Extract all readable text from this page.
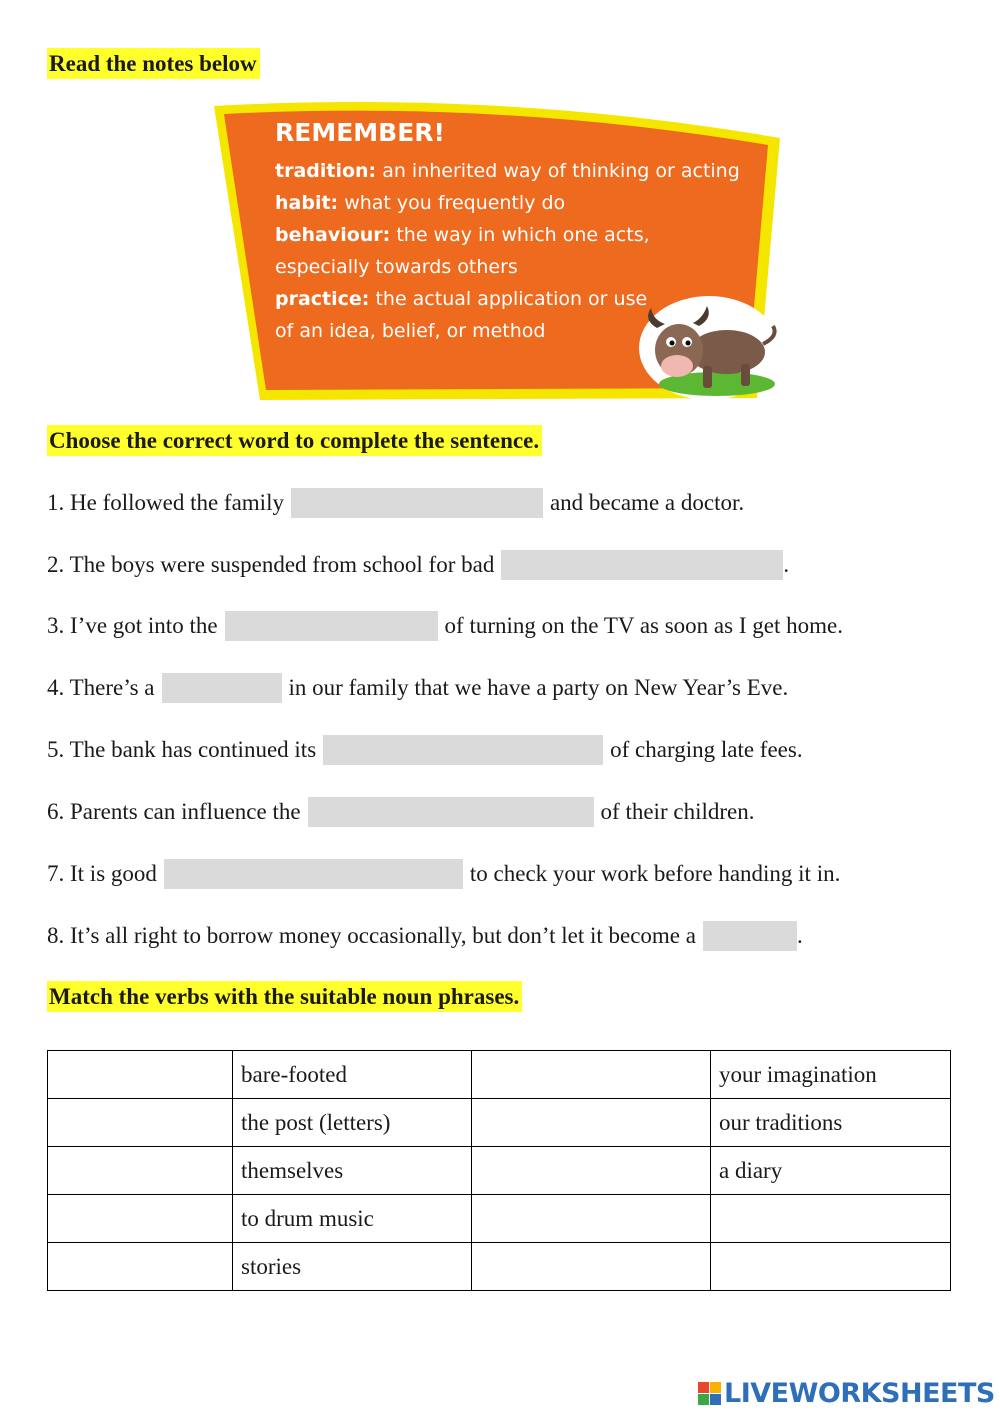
Read the notes below
REMEMBER!
tradition: an inherited way of thinking or acting
habit: what you frequently do
behaviour: the way in which one acts,
especially towards others
practice: the actual application or use
of an idea, belief, or method
Choose the correct word to complete the sentence.
1. He followed the family	and became a doctor.
2. The boys were suspended from school for bad	.
3. I’ve got into the	of turning on the TV as soon as I get home.
4. There’s a	in our family that we have a party on New Year’s Eve.
5. The bank has continued its	of charging late fees.
6. Parents can influence the	of their children.
7. It is good	to check your work before handing it in.
8. It’s all right to borrow money occasionally, but don’t let it become a	.
Match the verbs with the suitable noun phrases.
	bare-footed		your imagination
	the post (letters)		our traditions
	themselves		a diary
	to drum music		
	stories		
LIVEWORKSHEETS
